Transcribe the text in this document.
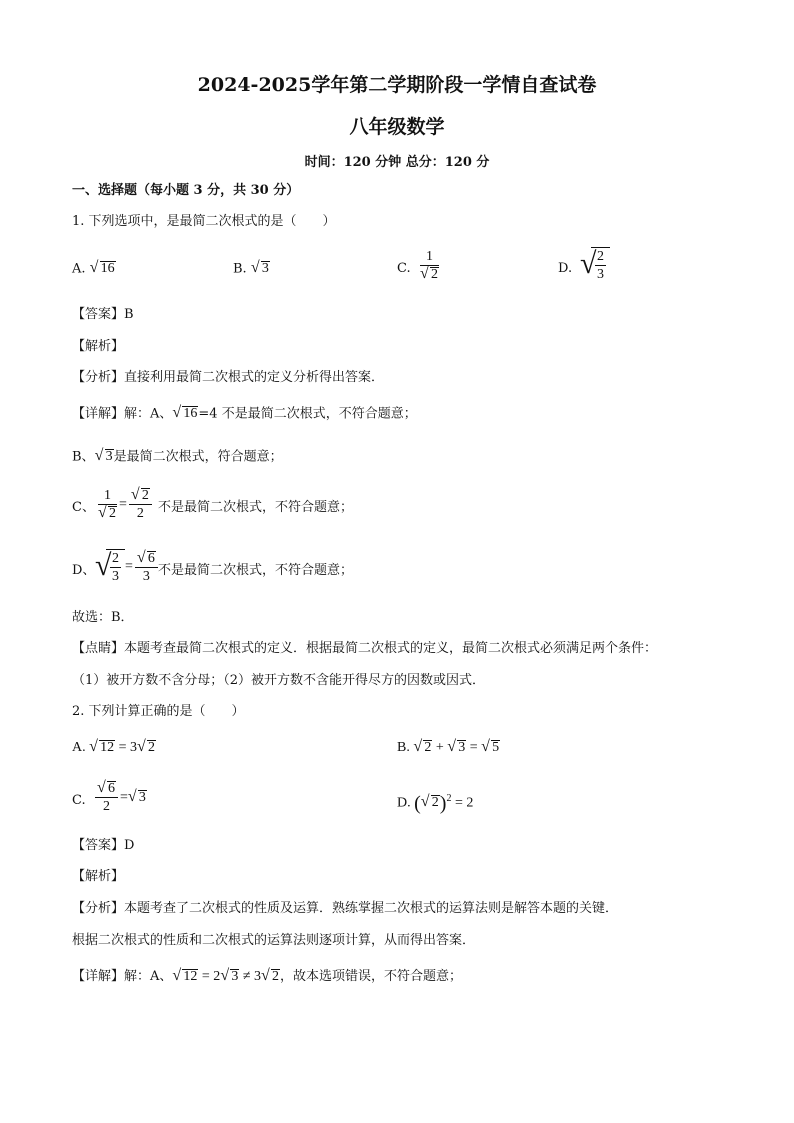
2024-2025学年第二学期阶段一学情自查试卷
八年级数学
时间：120 分钟 总分：120 分
一、选择题（每小题 3 分，共 30 分）
1. 下列选项中，是最简二次根式的是（　　）
A. √ 16	B. √ 3	C. $\frac{1}{√ 2}$	D. √
$\frac{2}{3}$
【答案】B
【解析】
【分析】直接利用最简二次根式的定义分析得出答案．
【详解】解：A、 √ 16=4 不是最简二次根式，不符合题意；
B、 √ 3是最简二次根式，符合题意；
C、 $\frac{1}{√ 2} = \frac{√ 2}{2}$ 不是最简二次根式，不符合题意；
D、 √
$\frac{2}{3} = \frac{√ 6}{3}$ 不是最简二次根式，不符合题意；
故选：B．
【点睛】本题考查最简二次根式的定义．根据最简二次根式的定义，最简二次根式必须满足两个条件：
（1）被开方数不含分母；（2）被开方数不含能开得尽方的因数或因式．
2. 下列计算正确的是（　　）
A. √ 12 = 3 √ 2	B. √ 2 + √ 3 = √ 5
C. $\frac{√ 6}{2}$ = √ 3	D. ( √ 2)$^2$ = 2
【答案】D
【解析】
【分析】本题考查了二次根式的性质及运算．熟练掌握二次根式的运算法则是解答本题的关键．
根据二次根式的性质和二次根式的运算法则逐项计算，从而得出答案．
【详解】解：A、 √ 12 = 2 √ 3 ≠ 3 √ 2，故本选项错误，不符合题意；
